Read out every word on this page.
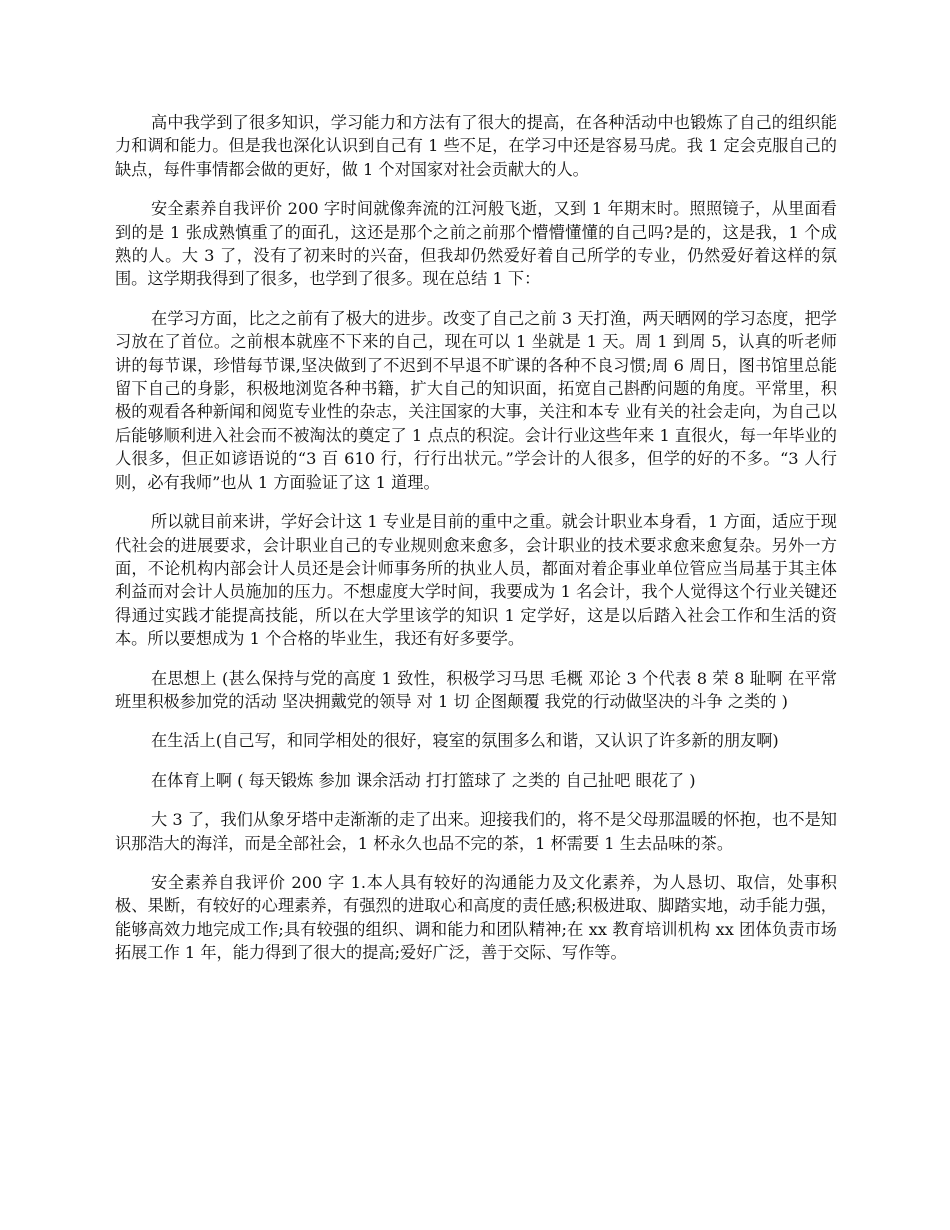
高中我学到了很多知识，学习能力和方法有了很大的提高，在各种活动中也锻炼了自己的组织能力和调和能力。但是我也深化认识到自己有 1 些不足，在学习中还是容易马虎。我 1 定会克服自己的缺点，每件事情都会做的更好，做 1 个对国家对社会贡献大的人。

安全素养自我评价 200 字时间就像奔流的江河般飞逝，又到 1 年期末时。照照镜子，从里面看到的是 1 张成熟慎重了的面孔，这还是那个之前之前那个懵懵懂懂的自己吗?是的，这是我，1 个成熟的人。大 3 了，没有了初来时的兴奋，但我却仍然爱好着自己所学的专业，仍然爱好着这样的氛围。这学期我得到了很多，也学到了很多。现在总结 1 下：

在学习方面，比之之前有了极大的进步。改变了自己之前 3 天打渔，两天晒网的学习态度，把学习放在了首位。之前根本就座不下来的自己，现在可以 1 坐就是 1 天。周 1 到周 5，认真的听老师讲的每节课，珍惜每节课,坚决做到了不迟到不早退不旷课的各种不良习惯;周 6 周日，图书馆里总能留下自己的身影，积极地浏览各种书籍，扩大自己的知识面，拓宽自己斟酌问题的角度。平常里，积极的观看各种新闻和阅览专业性的杂志，关注国家的大事，关注和本专 业有关的社会走向，为自己以后能够顺利进入社会而不被淘汰的奠定了 1 点点的积淀。会计行业这些年来 1 直很火，每一年毕业的人很多，但正如谚语说的“3 百 610 行，行行出状元。”学会计的人很多，但学的好的不多。“3 人行则，必有我师”也从 1 方面验证了这 1 道理。

所以就目前来讲，学好会计这 1 专业是目前的重中之重。就会计职业本身看，1 方面，适应于现代社会的进展要求，会计职业自己的专业规则愈来愈多，会计职业的技术要求愈来愈复杂。另外一方面，不论机构内部会计人员还是会计师事务所的执业人员，都面对着企事业单位管应当局基于其主体利益而对会计人员施加的压力。不想虚度大学时间，我要成为 1 名会计，我个人觉得这个行业关键还得通过实践才能提高技能，所以在大学里该学的知识 1 定学好，这是以后踏入社会工作和生活的资本。所以要想成为 1 个合格的毕业生，我还有好多要学。

在思想上 (甚么保持与党的高度 1 致性，积极学习马思 毛概 邓论 3 个代表 8 荣 8 耻啊 在平常班里积极参加党的活动 坚决拥戴党的领导 对 1 切 企图颠覆 我党的行动做坚决的斗争 之类的 )

在生活上(自己写，和同学相处的很好，寝室的氛围多么和谐，又认识了许多新的朋友啊)

在体育上啊 ( 每天锻炼 参加 课余活动 打打篮球了 之类的 自己扯吧 眼花了 )

大 3 了，我们从象牙塔中走渐渐的走了出来。迎接我们的，将不是父母那温暖的怀抱，也不是知识那浩大的海洋，而是全部社会，1 杯永久也品不完的茶，1 杯需要 1 生去品味的茶。

安全素养自我评价 200 字 1.本人具有较好的沟通能力及文化素养，为人恳切、取信，处事积极、果断，有较好的心理素养，有强烈的进取心和高度的责任感;积极进取、脚踏实地，动手能力强，能够高效力地完成工作;具有较强的组织、调和能力和团队精神;在 xx 教育培训机构 xx 团体负责市场拓展工作 1 年，能力得到了很大的提高;爱好广泛，善于交际、写作等。
